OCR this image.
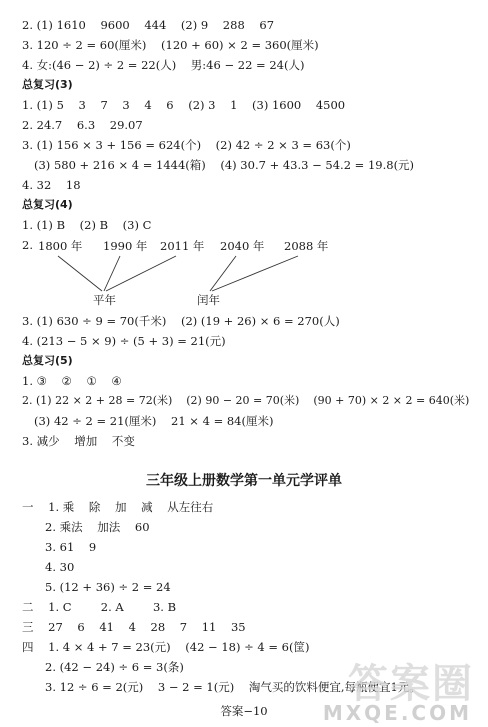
2. (1) 1610    9600    444    (2) 9    288    67
3. 120 ÷ 2 = 60(厘米)    (120 + 60) × 2 = 360(厘米)
4. 女:(46 − 2) ÷ 2 = 22(人)    男:46 − 22 = 24(人)
总复习(3)
1. (1) 5    3    7    3    4    6    (2) 3    1    (3) 1600    4500
2. 24.7    6.3    29.07
3. (1) 156 × 3 + 156 = 624(个)    (2) 42 ÷ 2 × 3 = 63(个)
(3) 580 + 216 × 4 = 1444(箱)    (4) 30.7 + 43.3 − 54.2 = 19.8(元)
4. 32    18
总复习(4)
1. (1) B    (2) B    (3) C
2. 1800 年 1990 年 2011 年 2040 年 2088 年
平年	闰年
3. (1) 630 ÷ 9 = 70(千米)    (2) (19 + 26) × 6 = 270(人)
4. (213 − 5 × 9) ÷ (5 + 3) = 21(元)
总复习(5)
1. ③    ②    ①    ④
2. (1) 22 × 2 + 28 = 72(米)    (2) 90 − 20 = 70(米)    (90 + 70) × 2 × 2 = 640(米)
(3) 42 ÷ 2 = 21(厘米)    21 × 4 = 84(厘米)
3. 减少    增加    不变
三年级上册数学第一单元学评单
一    1. 乘    除    加    减    从左往右
2. 乘法    加法    60
3. 61    9
4. 30
5. (12 + 36) ÷ 2 = 24
二    1. C        2. A        3. B
三    27    6    41    4    28    7    11    35
四    1. 4 × 4 + 7 = 23(元)    (42 − 18) ÷ 4 = 6(筐)
2. (42 − 24) ÷ 6 = 3(条)
3. 12 ÷ 6 = 2(元)    3 − 2 = 1(元)    淘气买的饮料便宜,每瓶便宜1元。
答案−10
答案圈
MXQE.COM
